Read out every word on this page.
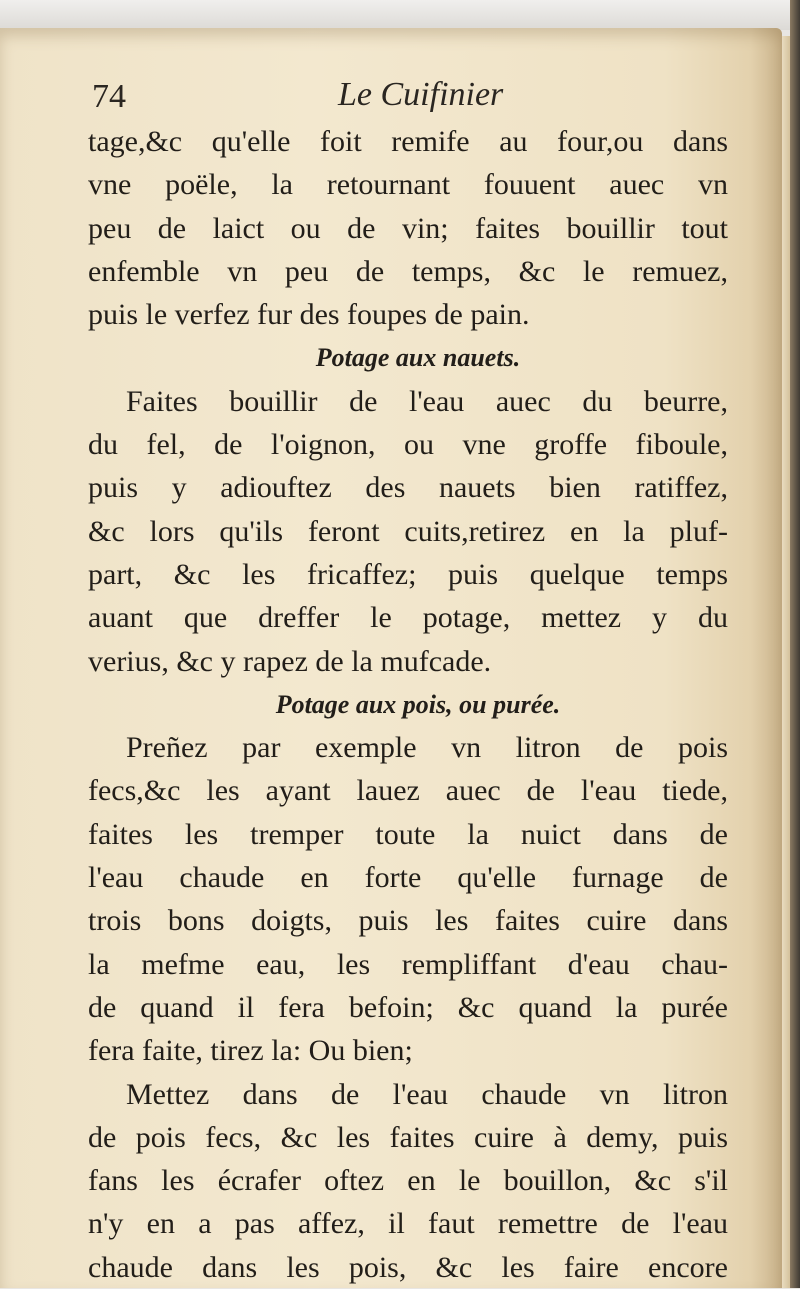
74	Le Cuifinier
tage,&c qu'elle foit remife au four,ou dans
vne poële, la retournant fouuent auec vn
peu de laict ou de vin; faites bouillir tout
enfemble vn peu de temps, &c le remuez,
puis le verfez fur des foupes de pain.
Potage aux nauets.
Faites bouillir de l'eau auec du beurre,
du fel, de l'oignon, ou vne groffe fiboule,
puis y adiouftez des nauets bien ratiffez,
&c lors qu'ils feront cuits,retirez en la pluf-
part, &c les fricaffez; puis quelque temps
auant que dreffer le potage, mettez y du
verius, &c y rapez de la mufcade.
Potage aux pois, ou purée.
Preñez par exemple vn litron de pois
fecs,&c les ayant lauez auec de l'eau tiede,
faites les tremper toute la nuict dans de
l'eau chaude en forte qu'elle furnage de
trois bons doigts, puis les faites cuire dans
la mefme eau, les rempliffant d'eau chau-
de quand il fera befoin; &c quand la purée
fera faite, tirez la: Ou bien;
Mettez dans de l'eau chaude vn litron
de pois fecs, &c les faites cuire à demy, puis
fans les écrafer oftez en le bouillon, &c s'il
n'y en a pas affez, il faut remettre de l'eau
chaude dans les pois, &c les faire encore
